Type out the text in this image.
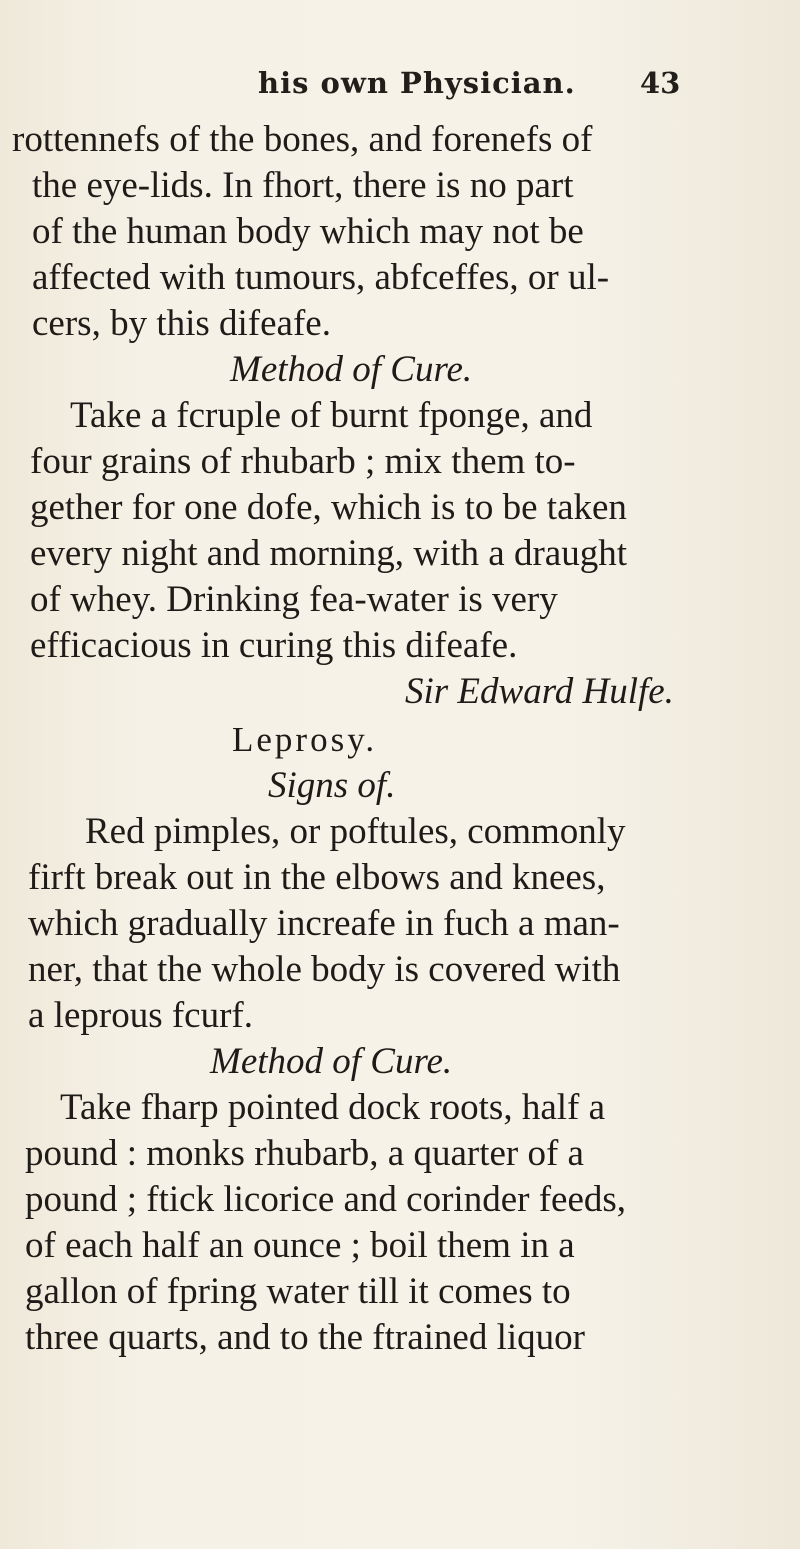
his own Physician. 43
rottennefs of the bones, and forenefs of
the eye-lids. In fhort, there is no part
of the human body which may not be
affected with tumours, abfceffes, or ul-
cers, by this difeafe.
Method of Cure.
Take a fcruple of burnt fponge, and
four grains of rhubarb ; mix them to-
gether for one dofe, which is to be taken
every night and morning, with a draught
of whey. Drinking fea-water is very
efficacious in curing this difeafe.
Sir Edward Hulfe.
Leprosy.
Signs of.
Red pimples, or poftules, commonly
firft break out in the elbows and knees,
which gradually increafe in fuch a man-
ner, that the whole body is covered with
a leprous fcurf.
Method of Cure.
Take fharp pointed dock roots, half a
pound : monks rhubarb, a quarter of a
pound ; ftick licorice and corinder feeds,
of each half an ounce ; boil them in a
gallon of fpring water till it comes to
three quarts, and to the ftrained liquor
